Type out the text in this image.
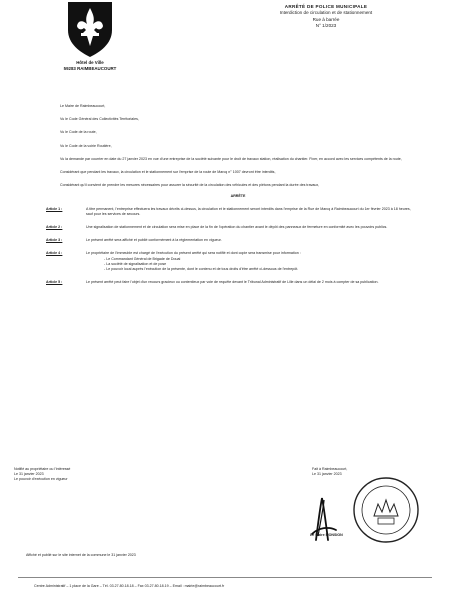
Hôtel de Ville
59283 RAIMBEAUCOURT
ARRÊTÉ DE POLICE MUNICIPALE
Interdiction de circulation et de stationnement
Rue à barrée
N° 1/2023
Le Maire de Raimbeaucourt,
Vu le Code Général des Collectivités Territoriales,
Vu le Code de la route,
Vu le Code de la voirie Routière,
Vu la demande par courrier en date du 27 janvier 2023 en vue d'une entreprise de la société suivante pour le droit de travaux station, réalisation du chantier. Fixer, en accord avec les services compétents de la route,
Considérant que pendant les travaux, la circulation et le stationnement sur l'emprise de la route de Marcq n° 1007 devront être interdits,
Considérant qu'il convient de prendre les mesures nécessaires pour assurer la sécurité de la circulation des véhicules et des piétons pendant la durée des travaux,
ARRÊTE
Article 1 :	A titre permanent, l'entreprise effectuera les travaux décrits ci-dessus, la circulation et le stationnement seront interdits dans l'emprise de la Rue de Marcq à Raimbeaucourt du 1er février 2023 à 18 heures, sauf pour les services de secours.
Article 2 :	Une signalisation de stationnement et de circulation sera mise en place de la fin de l'opération du chantier avant le dépôt des panneaux de fermeture en conformité avec les pouvoirs publics.
Article 3 :	Le présent arrêté sera affiché et publié conformément à la réglementation en vigueur.
Article 4 :	Le propriétaire de l'immeuble est chargé de l'exécution du présent arrêté qui sera notifié et dont copie sera transmise pour information :
- Le Commandant Général de Brigade de Douai
- La société de signalisation et de pose
- Le pouvoir local auprès l'exécution de la présente, dont le contenu et de tous droits d'être arrêté ci-dessous de l'entrepôt.
Article 5 :	Le présent arrêté peut faire l'objet d'un recours gracieux ou contentieux par voie de requête devant le Tribunal Administratif de Lille dans un délai de 2 mois à compter de sa publication.
Notifié au propriétaire ou l'intéressé
Le 31 janvier 2023
Le pouvoir d'exécution en vigueur
Fait à Raimbeaucourt,
Le 31 janvier 2023
Le Maire MONSION
Affiché et publié sur le site internet de la commune le 31 janvier 2023
Centre Administratif – 1 place de la Gare – Tél. 03.27.80.18.18 – Fax 03.27.80.18.19 – Email : mairie@raimbeaucourt.fr
